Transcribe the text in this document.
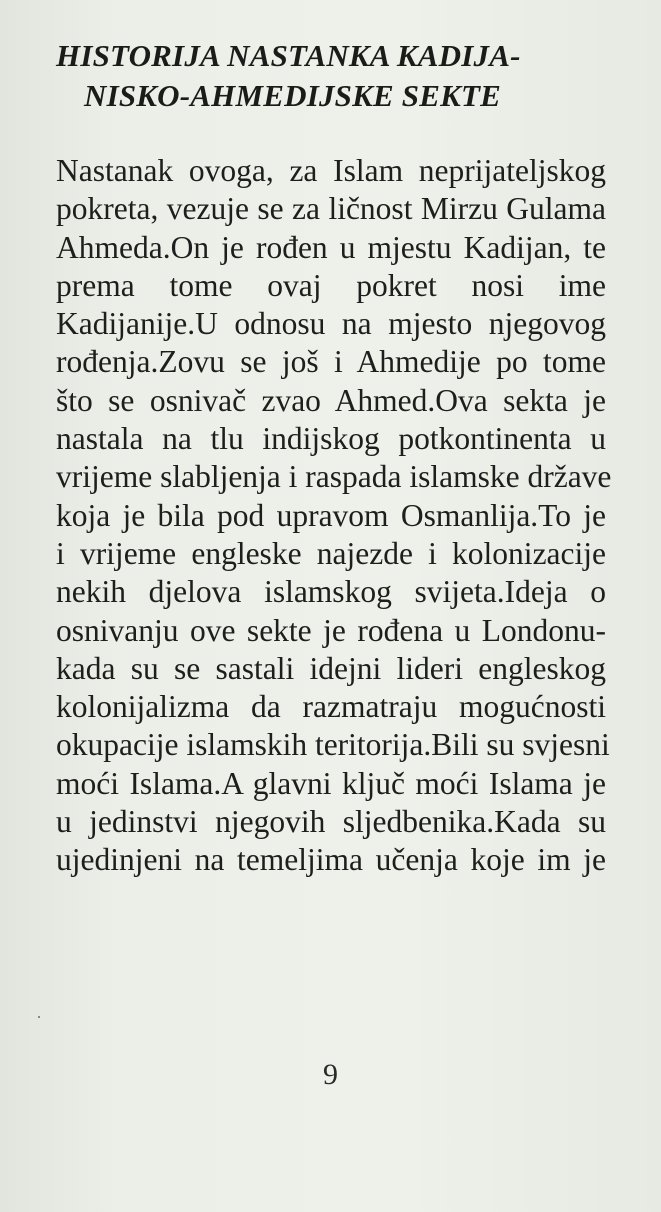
HISTORIJA NASTANKA KADIJA-
NISKO-AHMEDIJSKE SEKTE
Nastanak ovoga, za Islam neprijateljskog
pokreta, vezuje se za ličnost Mirzu Gulama
Ahmeda.On je rođen u mjestu Kadijan, te
prema tome ovaj pokret nosi ime
Kadijanije.U odnosu na mjesto njegovog
rođenja.Zovu se još i Ahmedije po tome
što se osnivač zvao Ahmed.Ova sekta je
nastala na tlu indijskog potkontinenta u
vrijeme slabljenja i raspada islamske države
koja je bila pod upravom Osmanlija.To je
i vrijeme engleske najezde i kolonizacije
nekih djelova islamskog svijeta.Ideja o
osnivanju ove sekte je rođena u Londonu-
kada su se sastali idejni lideri engleskog
kolonijalizma da razmatraju mogućnosti
okupacije islamskih teritorija.Bili su svjesni
moći Islama.A glavni ključ moći Islama je
u jedinstvi njegovih sljedbenika.Kada su
ujedinjeni na temeljima učenja koje im je
9
